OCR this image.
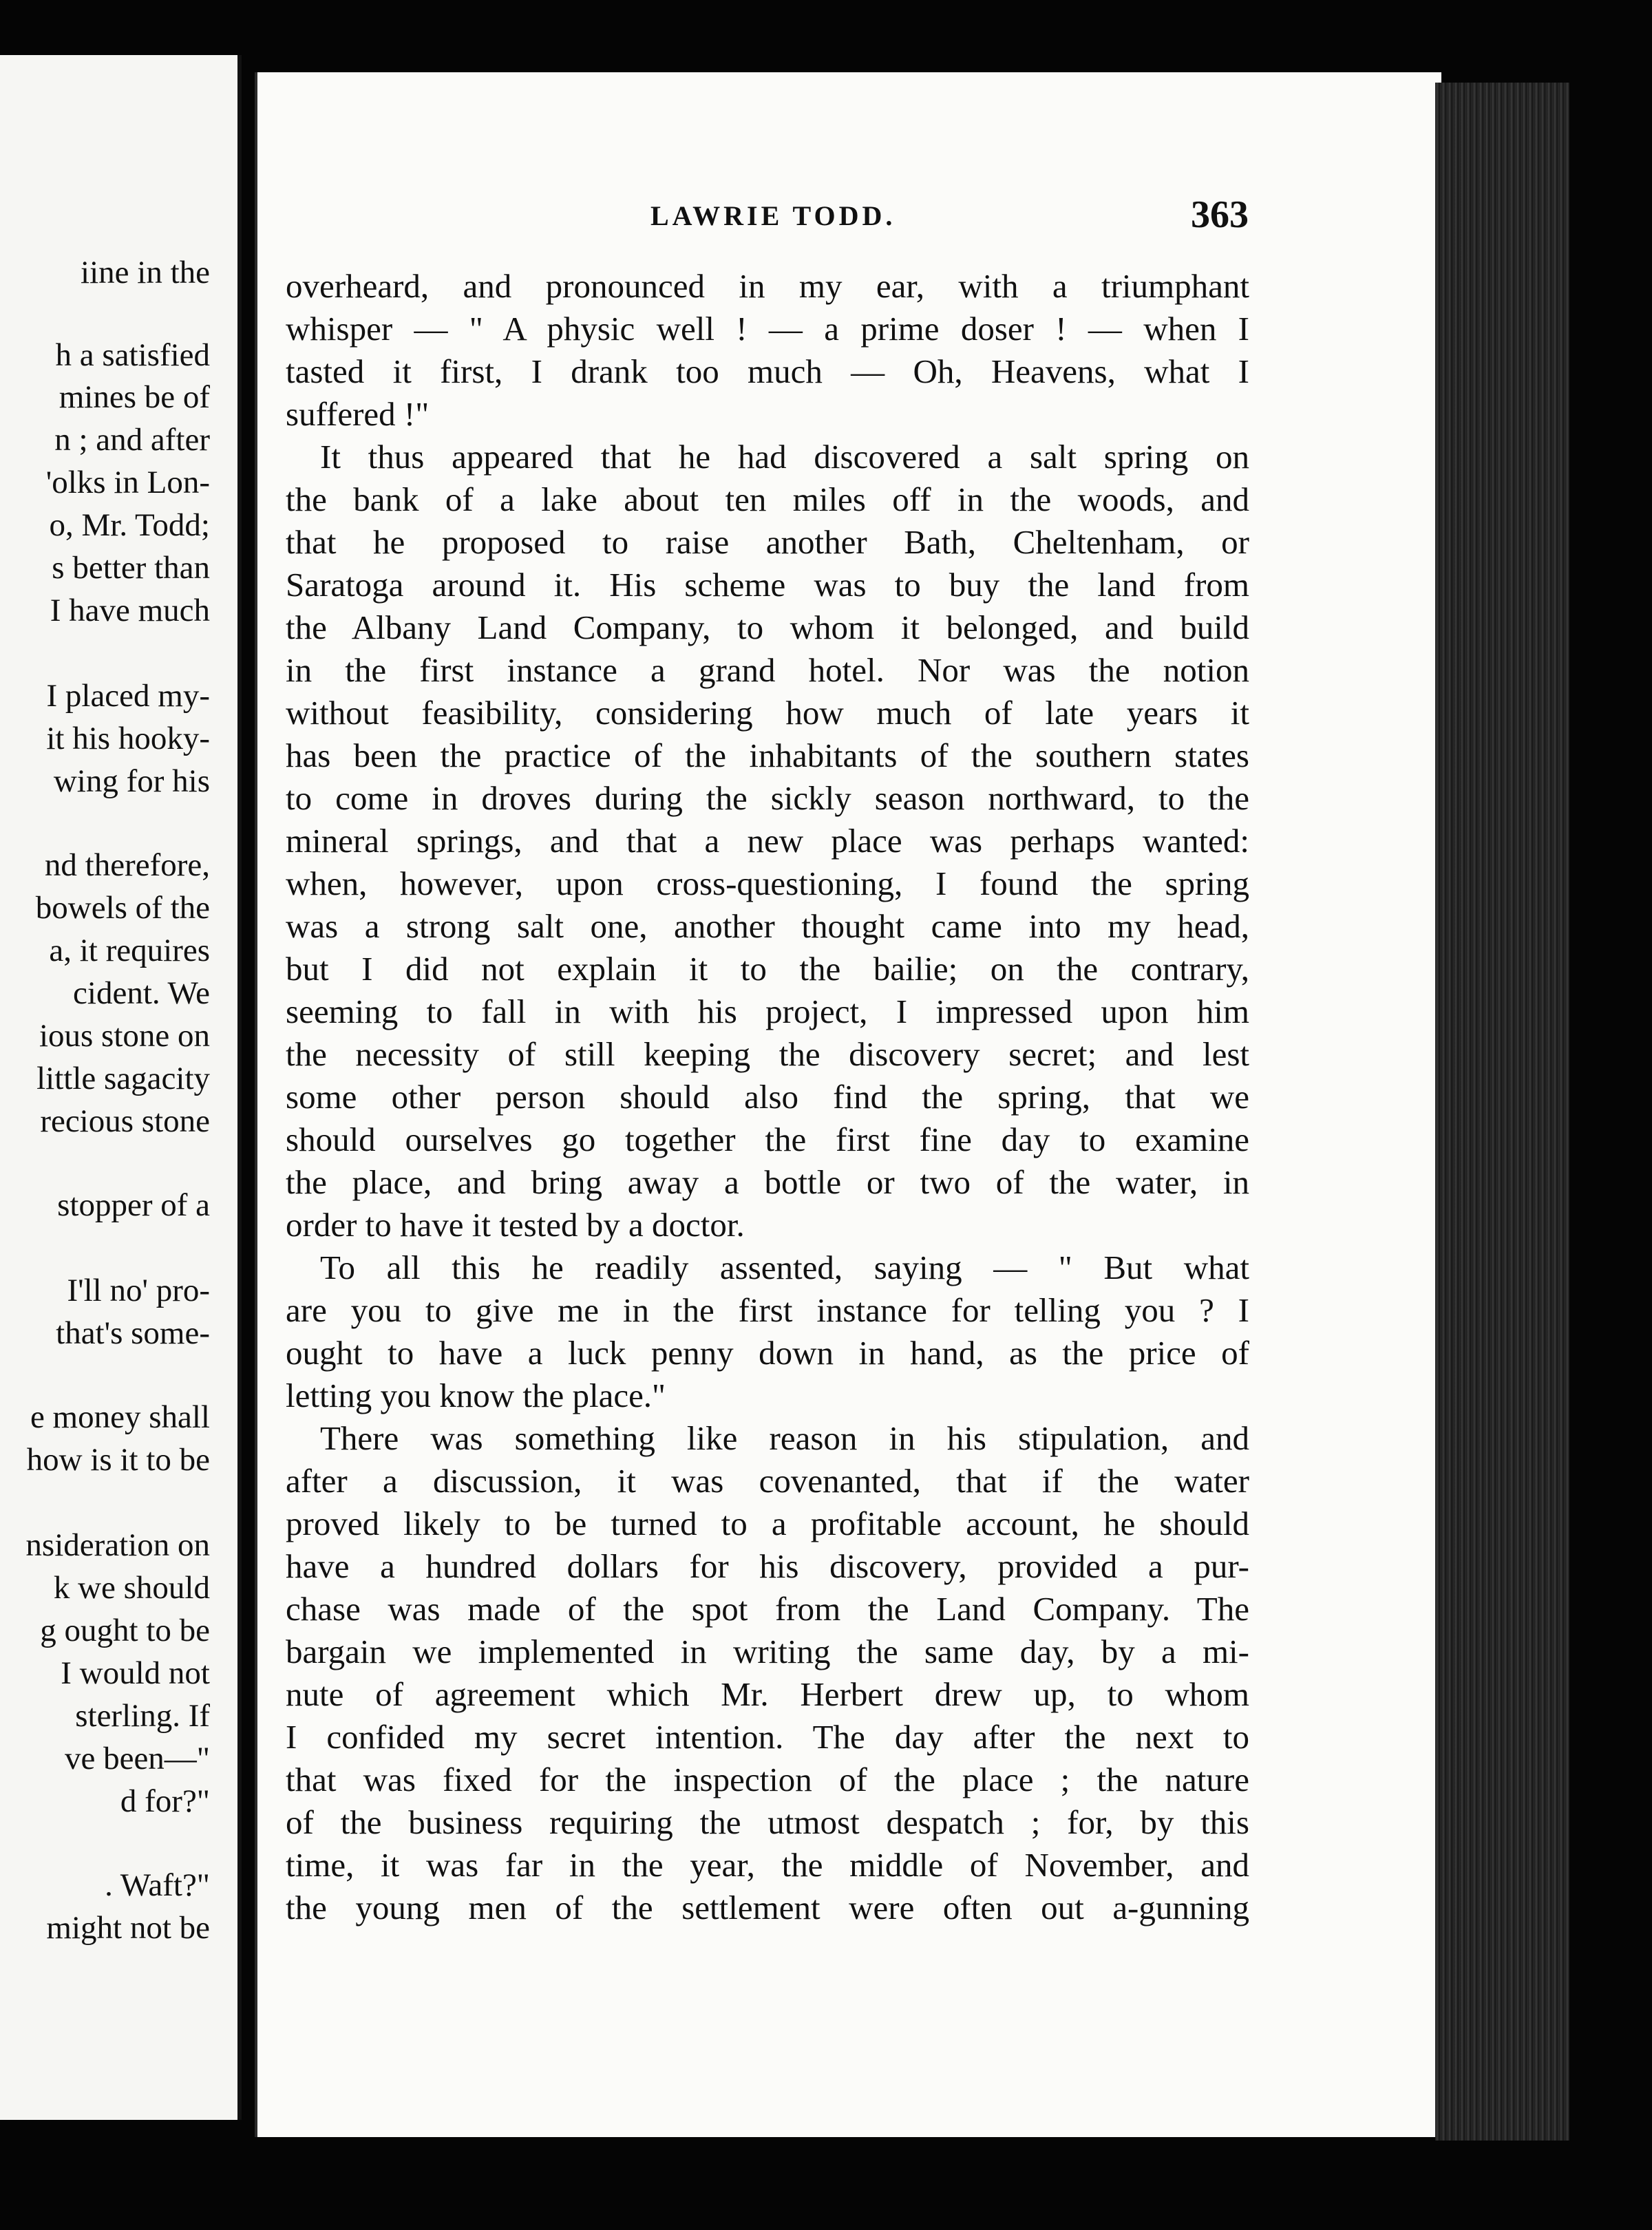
iine in the
h a satisfied
mines be of
n ; and after
'olks in Lon-
o, Mr. Todd;
s better than
I have much
I placed my-
it his hooky-
wing for his
nd therefore,
bowels of the
a, it requires
cident. We
ious stone on
little sagacity
recious stone
stopper of a
I'll no' pro-
that's some-
e money shall
how is it to be
nsideration on
k we should
g ought to be
I would not
sterling. If
ve been—"
d for?"
. Waft?"
might not be
LAWRIE TODD.	363
overheard, and pronounced in my ear, with a triumphant
whisper — " A physic well ! — a prime doser ! — when I
tasted it first, I drank too much — Oh, Heavens, what I
suffered !"
It thus appeared that he had discovered a salt spring on
the bank of a lake about ten miles off in the woods, and
that he proposed to raise another Bath, Cheltenham, or
Saratoga around it. His scheme was to buy the land from
the Albany Land Company, to whom it belonged, and build
in the first instance a grand hotel. Nor was the notion
without feasibility, considering how much of late years it
has been the practice of the inhabitants of the southern states
to come in droves during the sickly season northward, to the
mineral springs, and that a new place was perhaps wanted:
when, however, upon cross-questioning, I found the spring
was a strong salt one, another thought came into my head,
but I did not explain it to the bailie; on the contrary,
seeming to fall in with his project, I impressed upon him
the necessity of still keeping the discovery secret; and lest
some other person should also find the spring, that we
should ourselves go together the first fine day to examine
the place, and bring away a bottle or two of the water, in
order to have it tested by a doctor.
To all this he readily assented, saying — " But what
are you to give me in the first instance for telling you ? I
ought to have a luck penny down in hand, as the price of
letting you know the place."
There was something like reason in his stipulation, and
after a discussion, it was covenanted, that if the water
proved likely to be turned to a profitable account, he should
have a hundred dollars for his discovery, provided a pur-
chase was made of the spot from the Land Company. The
bargain we implemented in writing the same day, by a mi-
nute of agreement which Mr. Herbert drew up, to whom
I confided my secret intention. The day after the next to
that was fixed for the inspection of the place ; the nature
of the business requiring the utmost despatch ; for, by this
time, it was far in the year, the middle of November, and
the young men of the settlement were often out a-gunning
